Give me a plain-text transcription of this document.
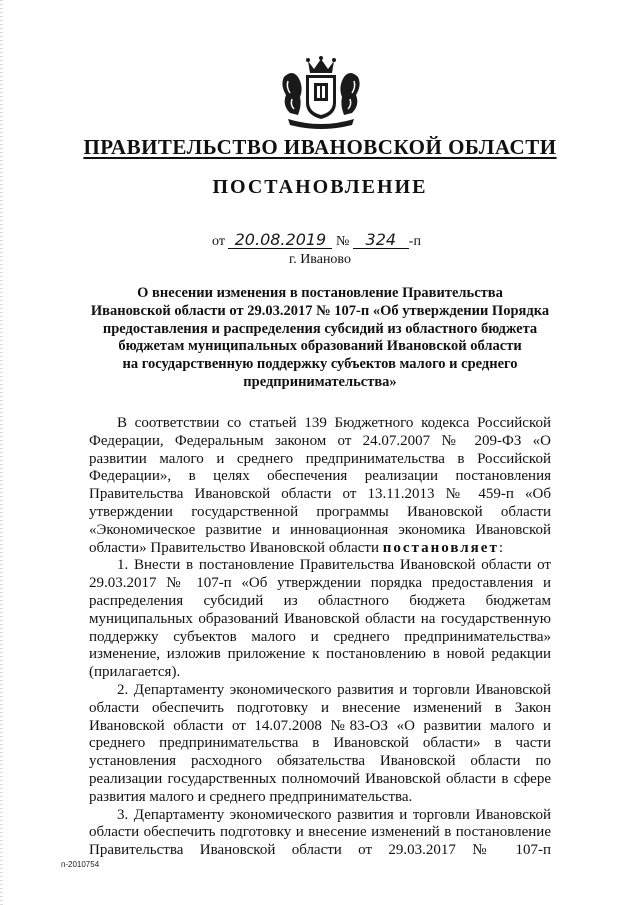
ПРАВИТЕЛЬСТВО ИВАНОВСКОЙ ОБЛАСТИ
ПОСТАНОВЛЕНИЕ
от 20.08.2019 № 324 -п
г. Иваново
О внесении изменения в постановление Правительства
Ивановской области от 29.03.2017 № 107-п «Об утверждении Порядка
предоставления и распределения субсидий из областного бюджета
бюджетам муниципальных образований Ивановской области
на государственную поддержку субъектов малого и среднего
предпринимательства»

В соответствии со статьей 139 Бюджетного кодекса Российской Федерации, Федеральным законом от 24.07.2007 № 209-ФЗ «О развитии малого и среднего предпринимательства в Российской Федерации», в целях обеспечения реализации постановления Правительства Ивановской области от 13.11.2013 № 459-п «Об утверждении государственной программы Ивановской области «Экономическое развитие и инновационная экономика Ивановской области» Правительство Ивановской области постановляет:

1. Внести в постановление Правительства Ивановской области от 29.03.2017 № 107-п «Об утверждении порядка предоставления и распределения субсидий из областного бюджета бюджетам муниципальных образований Ивановской области на государственную поддержку субъектов малого и среднего предпринимательства» изменение, изложив приложение к постановлению в новой редакции (прилагается).

2. Департаменту экономического развития и торговли Ивановской области обеспечить подготовку и внесение изменений в Закон Ивановской области от 14.07.2008 №83-ОЗ «О развитии малого и среднего предпринимательства в Ивановской области» в части установления расходного обязательства Ивановской области по реализации государственных полномочий Ивановской области в сфере развития малого и среднего предпринимательства.

3. Департаменту экономического развития и торговли Ивановской области обеспечить подготовку и внесение изменений в постановление Правительства Ивановской области от 29.03.2017 № 107-п

п-2010754
